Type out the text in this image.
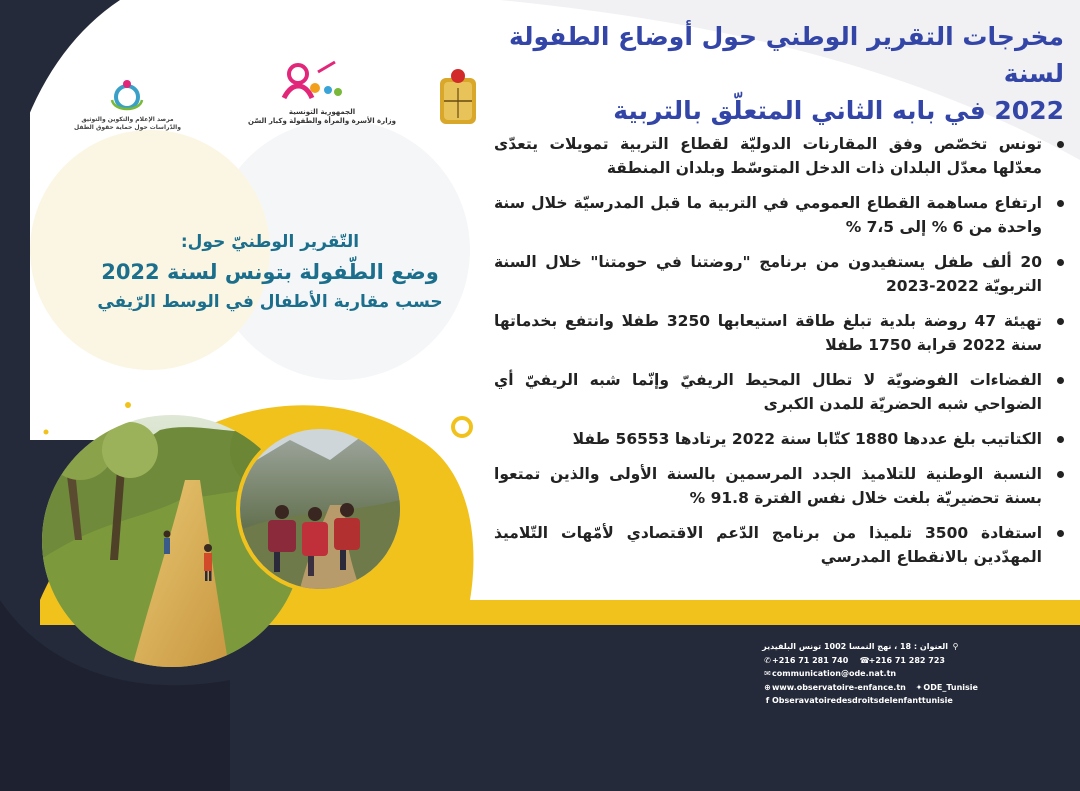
مخرجات التقرير الوطني حول أوضاع الطفولة لسنة
2022 في بابه الثاني المتعلّق بالتربية
الجمهورية التونسية
وزارة الأسرة والمرأة والطفولة وكبار السّن
مرصد الإعلام والتكوين والتوثيق
والدّراسات حول حماية حقوق الطفل
تونس تخصّص وفق المقارنات الدوليّة لقطاع التربية تمويلات يتعدّى معدّلها معدّل البلدان ذات الدخل المتوسّط وبلدان المنطقة
ارتفاع مساهمة القطاع العمومي في التربية ما قبل المدرسيّة خلال سنة واحدة من 6 % إلى 7،5 %
20 ألف طفل يستفيدون من برنامج "روضتنا في حومتنا" خلال السنة التربويّة 2022-2023
تهيئة 47 روضة بلدية تبلغ طاقة استيعابها 3250 طفلا وانتفع بخدماتها سنة 2022 قرابة 1750 طفلا
الفضاءات الفوضويّة لا تطال المحيط الريفيّ وإنّما شبه الريفيّ أي الضواحي شبه الحضريّة للمدن الكبرى
الكتاتيب بلغ عددها 1880 كتّابا سنة 2022 يرتادها 56553 طفلا
النسبة الوطنية للتلاميذ الجدد المرسمين بالسنة الأولى والذين تمتعوا بسنة تحضيريّة بلغت خلال نفس الفترة 91.8 %
استفادة 3500 تلميذا من برنامج الدّعم الاقتصادي لأمّهات التّلاميذ المهدّدين بالانقطاع المدرسي
التّقرير الوطنيّ حول:
وضع الطّفولة بتونس لسنة 2022
حسب مقاربة الأطفال في الوسط الرّيفي
⚲العنوان : 18 ، نهج النمسا 1002 تونس البلفيدير
✆+216 71 281 740 ☎+216 71 282 723
✉communication@ode.nat.tn
⊕www.observatoire-enfance.tn ✦ODE_Tunisie
f Obseravatoiredesdroitsdelenfanttunisie
